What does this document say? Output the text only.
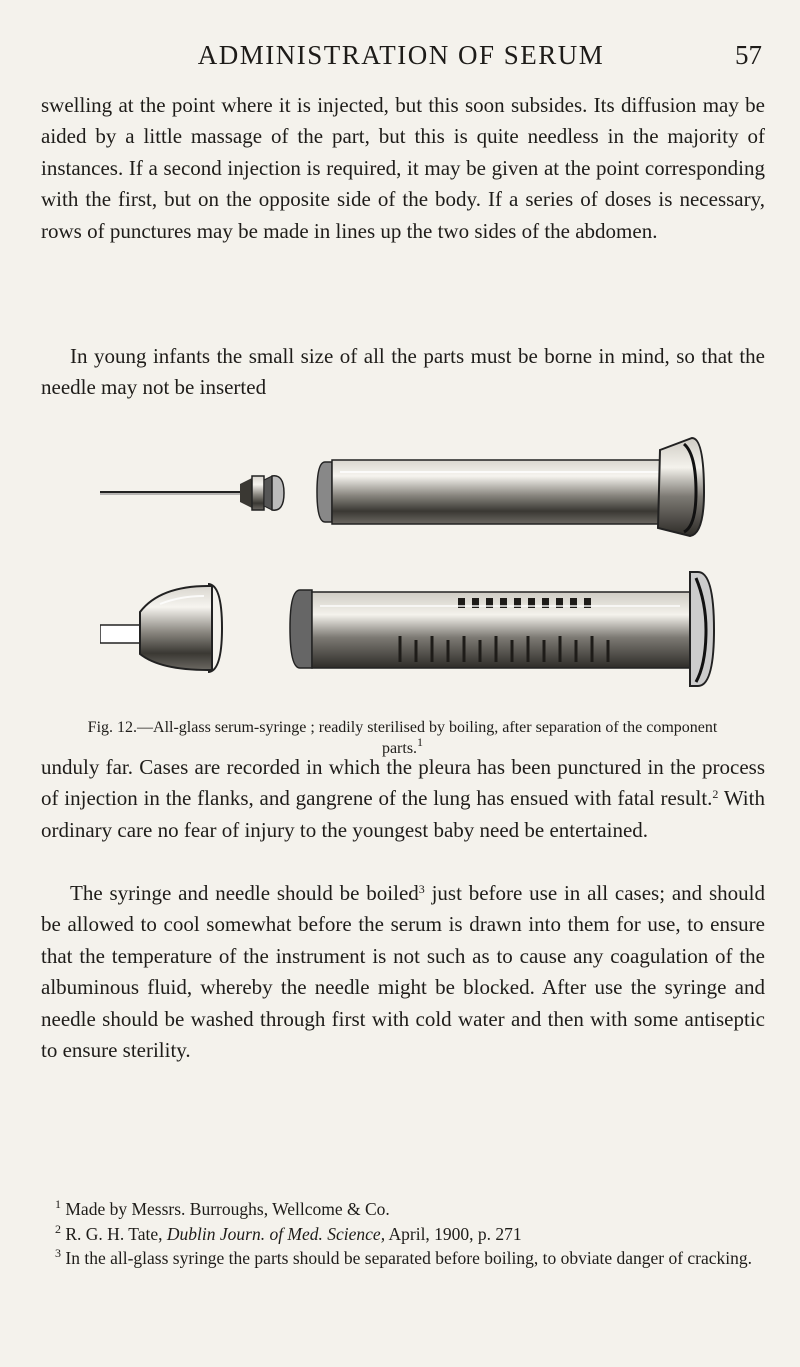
ADMINISTRATION OF SERUM	57

swelling at the point where it is injected, but this soon subsides. Its diffusion may be aided by a little massage of the part, but this is quite needless in the majority of instances. If a second injection is required, it may be given at the point corresponding with the first, but on the opposite side of the body. If a series of doses is necessary, rows of punctures may be made in lines up the two sides of the abdomen.

In young infants the small size of all the parts must be borne in mind, so that the needle may not be inserted

Fig. 12.—All-glass serum-syringe ; readily sterilised by boiling, after separation of the component parts.$^1$

unduly far. Cases are recorded in which the pleura has been punctured in the process of injection in the flanks, and gangrene of the lung has ensued with fatal result.$^2$ With ordinary care no fear of injury to the youngest baby need be entertained.

The syringe and needle should be boiled$^3$ just before use in all cases; and should be allowed to cool somewhat before the serum is drawn into them for use, to ensure that the temperature of the instrument is not such as to cause any coagulation of the albuminous fluid, whereby the needle might be blocked. After use the syringe and needle should be washed through first with cold water and then with some antiseptic to ensure sterility.

$^1$ Made by Messrs. Burroughs, Wellcome & Co.
$^2$ R. G. H. Tate, Dublin Journ. of Med. Science, April, 1900, p. 271
$^3$ In the all-glass syringe the parts should be separated before boiling, to obviate danger of cracking.
